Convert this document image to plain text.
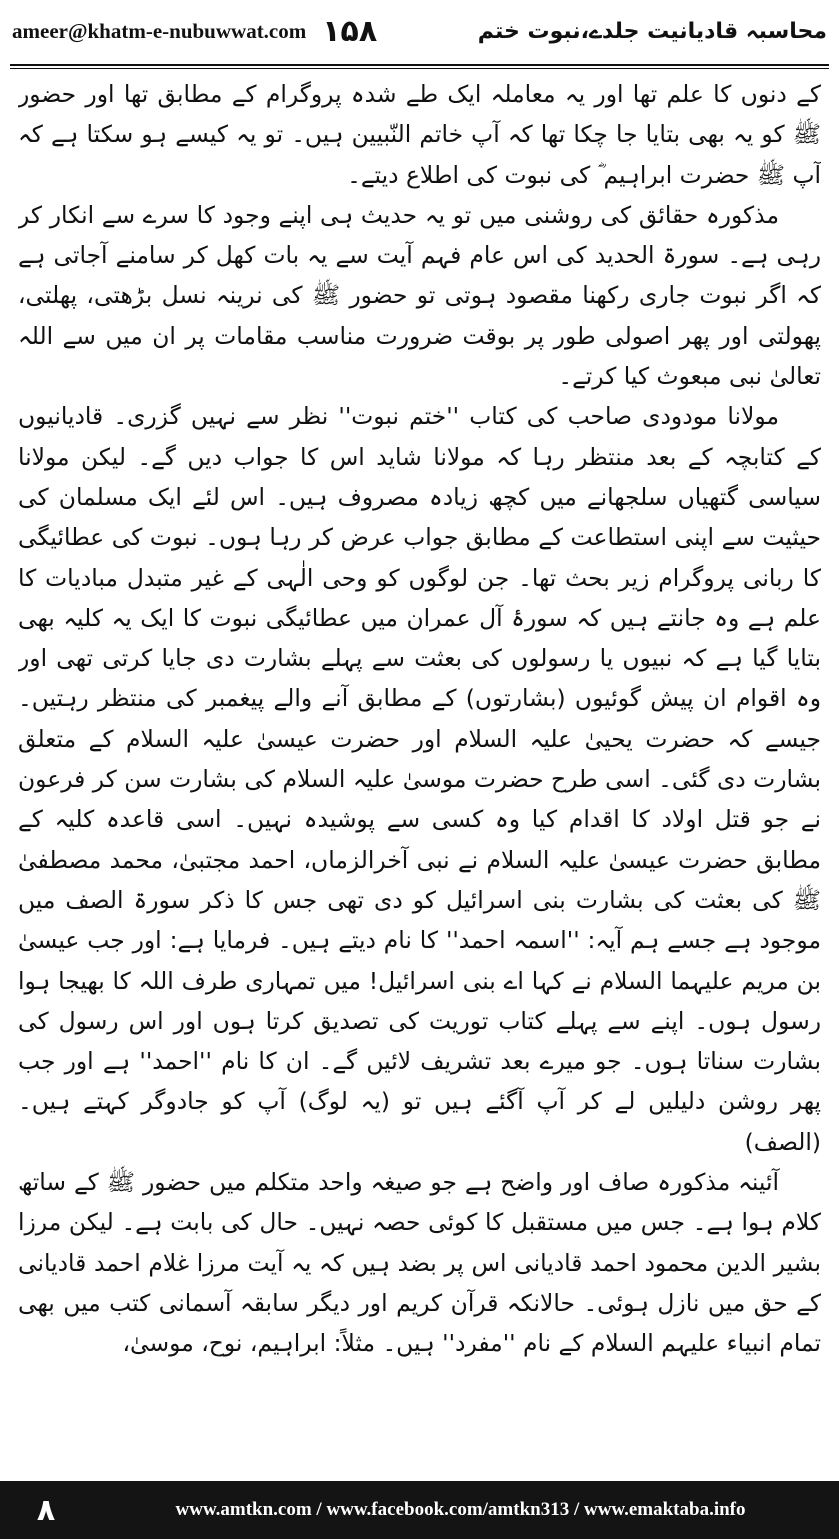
ameer@khatm-e-nubuwwat.com ۱۵۸	محاسبہ قادیانیت جلدے،نبوت ختم

کے دنوں کا علم تھا اور یہ معاملہ ایک طے شدہ پروگرام کے مطابق تھا اور حضور ﷺ کو یہ بھی بتایا جا چکا تھا کہ آپ خاتم النّبیین ہیں۔ تو یہ کیسے ہو سکتا ہے کہ آپ ﷺ حضرت ابراہیم ؓ کی نبوت کی اطلاع دیتے۔

مذکورہ حقائق کی روشنی میں تو یہ حدیث ہی اپنے وجود کا سرے سے انکار کر رہی ہے۔ سورۃ الحدید کی اس عام فہم آیت سے یہ بات کھل کر سامنے آجاتی ہے کہ اگر نبوت جاری رکھنا مقصود ہوتی تو حضور ﷺ کی نرینہ نسل بڑھتی، پھلتی، پھولتی اور پھر اصولی طور پر بوقت ضرورت مناسب مقامات پر ان میں سے اللہ تعالیٰ نبی مبعوث کیا کرتے۔

مولانا مودودی صاحب کی کتاب ''ختم نبوت'' نظر سے نہیں گزری۔ قادیانیوں کے کتابچہ کے بعد منتظر رہا کہ مولانا شاید اس کا جواب دیں گے۔ لیکن مولانا سیاسی گتھیاں سلجھانے میں کچھ زیادہ مصروف ہیں۔ اس لئے ایک مسلمان کی حیثیت سے اپنی استطاعت کے مطابق جواب عرض کر رہا ہوں۔ نبوت کی عطائیگی کا ربانی پروگرام زیر بحث تھا۔ جن لوگوں کو وحی الٰہی کے غیر متبدل مبادیات کا علم ہے وہ جانتے ہیں کہ سورۂ آل عمران میں عطائیگی نبوت کا ایک یہ کلیہ بھی بتایا گیا ہے کہ نبیوں یا رسولوں کی بعثت سے پہلے بشارت دی جایا کرتی تھی اور وہ اقوام ان پیش گوئیوں (بشارتوں) کے مطابق آنے والے پیغمبر کی منتظر رہتیں۔ جیسے کہ حضرت یحییٰ علیہ السلام اور حضرت عیسیٰ علیہ السلام کے متعلق بشارت دی گئی۔ اسی طرح حضرت موسیٰ علیہ السلام کی بشارت سن کر فرعون نے جو قتل اولاد کا اقدام کیا وہ کسی سے پوشیدہ نہیں۔ اسی قاعدہ کلیہ کے مطابق حضرت عیسیٰ علیہ السلام نے نبی آخرالزماں، احمد مجتبیٰ، محمد مصطفیٰ ﷺ کی بعثت کی بشارت بنی اسرائیل کو دی تھی جس کا ذکر سورۃ الصف میں موجود ہے جسے ہم آیہ: ''اسمہ احمد'' کا نام دیتے ہیں۔ فرمایا ہے: اور جب عیسیٰ بن مریم علیہما السلام نے کہا اے بنی اسرائیل! میں تمہاری طرف اللہ کا بھیجا ہوا رسول ہوں۔ اپنے سے پہلے کتاب توریت کی تصدیق کرتا ہوں اور اس رسول کی بشارت سناتا ہوں۔ جو میرے بعد تشریف لائیں گے۔ ان کا نام ''احمد'' ہے اور جب پھر روشن دلیلیں لے کر آپ آگئے ہیں تو (یہ لوگ) آپ کو جادوگر کہتے ہیں۔ (الصف)

آئینہ مذکورہ صاف اور واضح ہے جو صیغہ واحد متکلم میں حضور ﷺ کے ساتھ کلام ہوا ہے۔ جس میں مستقبل کا کوئی حصہ نہیں۔ حال کی بابت ہے۔ لیکن مرزا بشیر الدین محمود احمد قادیانی اس پر بضد ہیں کہ یہ آیت مرزا غلام احمد قادیانی کے حق میں نازل ہوئی۔ حالانکہ قرآن کریم اور دیگر سابقہ آسمانی کتب میں بھی تمام انبیاء علیہم السلام کے نام ''مفرد'' ہیں۔ مثلاً: ابراہیم، نوح، موسیٰ،

۸	www.amtkn.com / www.facebook.com/amtkn313 / www.emaktaba.info
